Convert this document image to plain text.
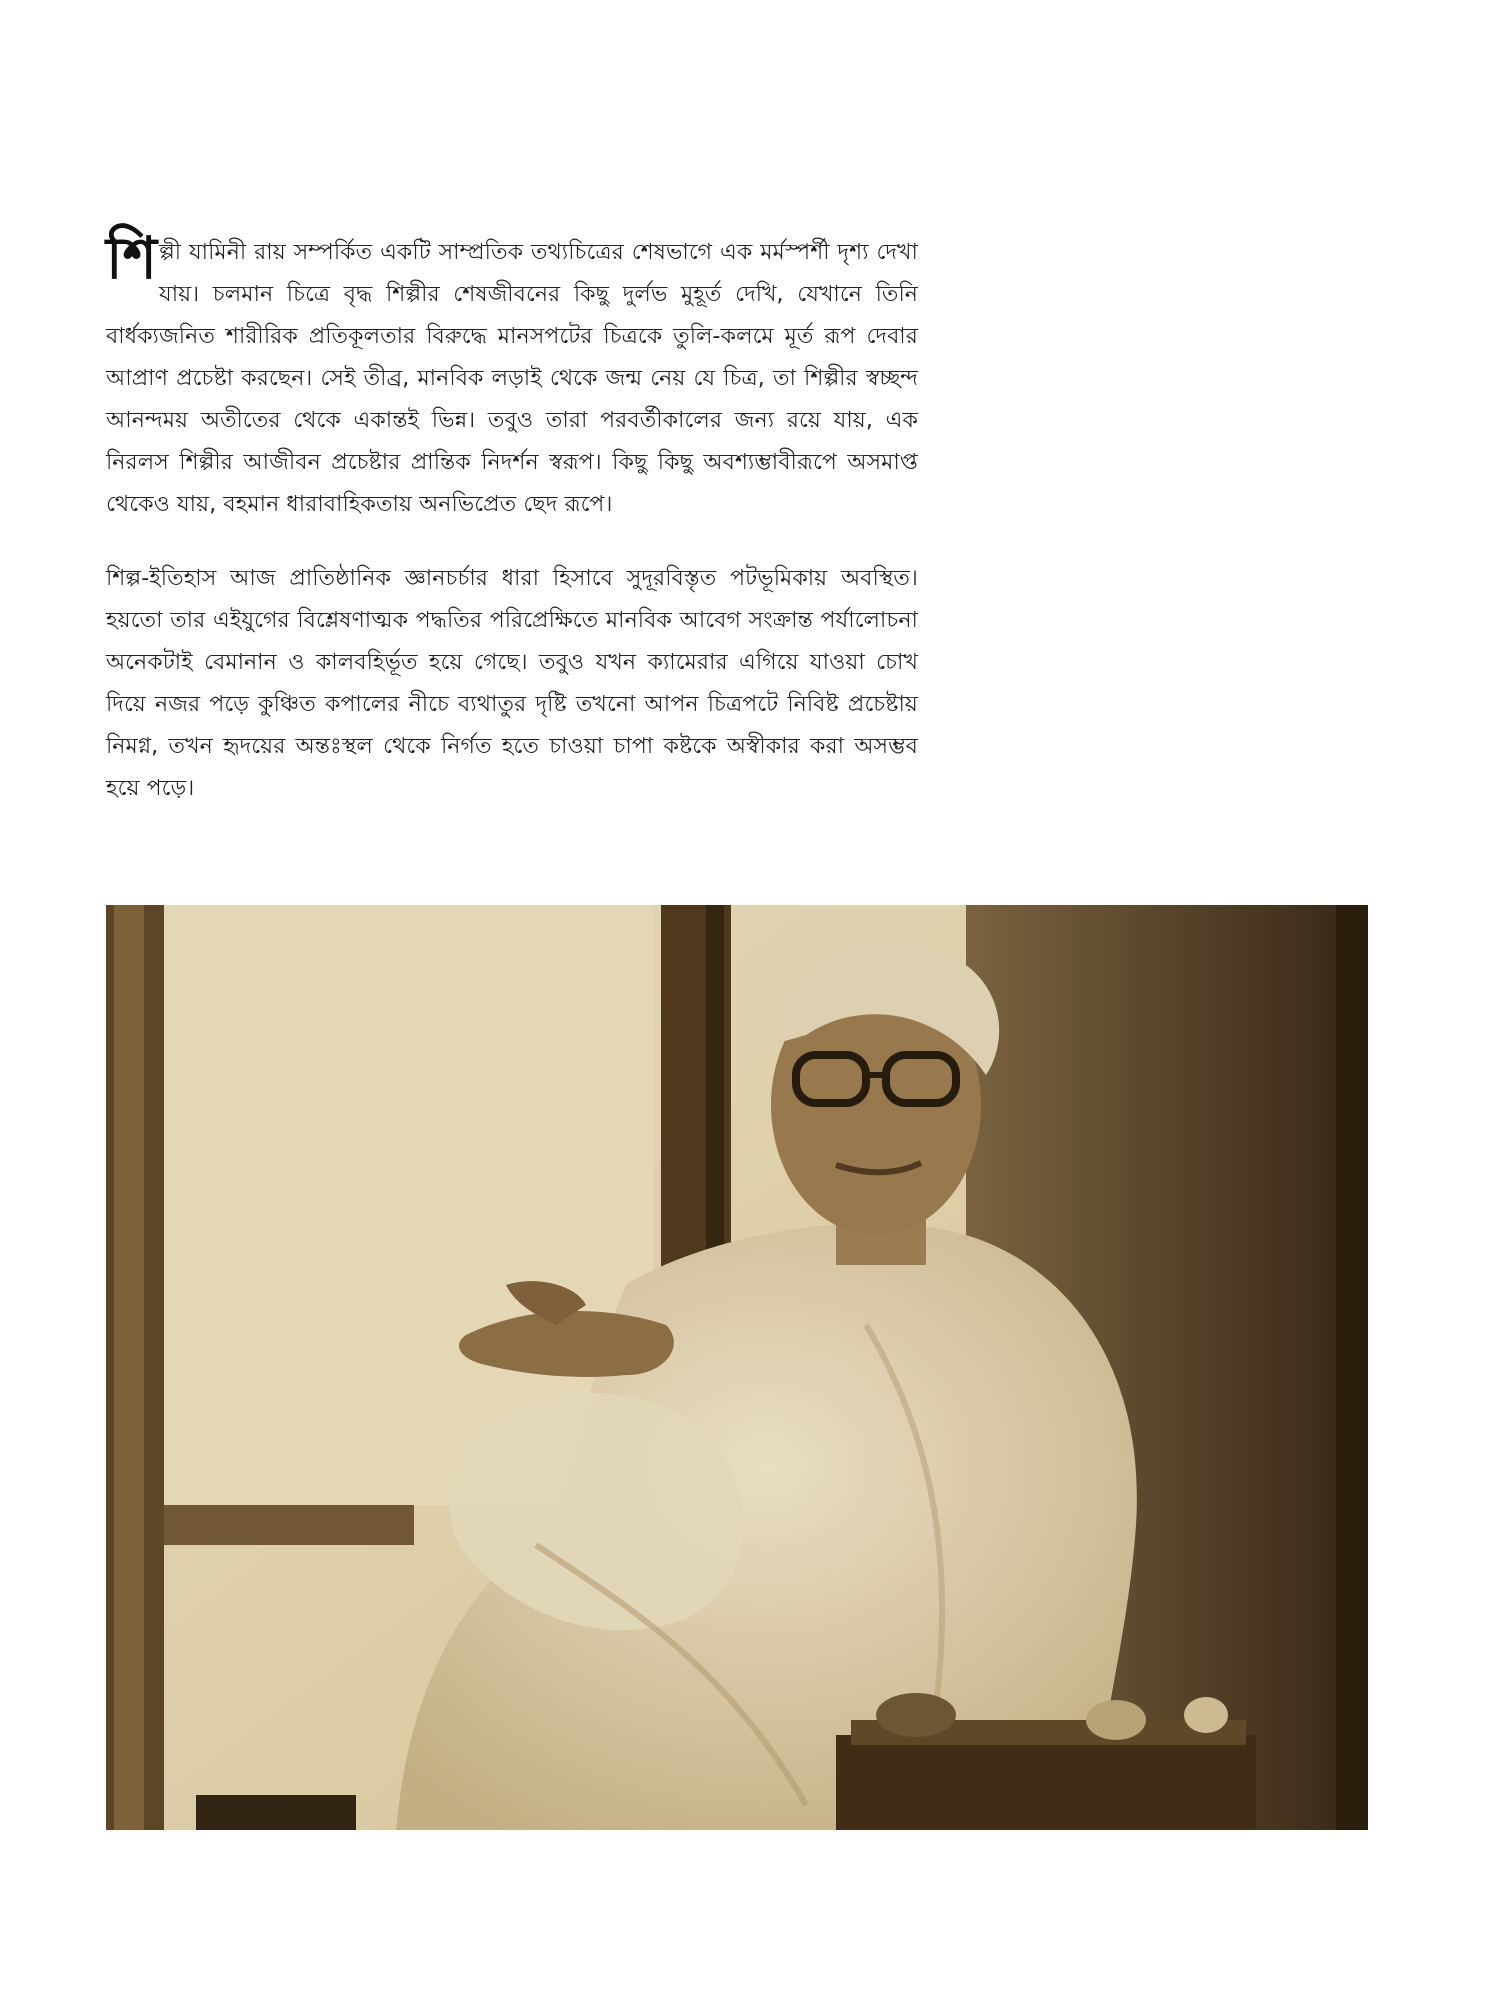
শিল্পী যামিনী রায় সম্পর্কিত একটি সাম্প্রতিক তথ্যচিত্রের শেষভাগে এক মর্মস্পর্শী দৃশ্য দেখা যায়। চলমান চিত্রে বৃদ্ধ শিল্পীর শেষজীবনের কিছু দুর্লভ মুহূর্ত দেখি, যেখানে তিনি বার্ধক্যজনিত শারীরিক প্রতিকূলতার বিরুদ্ধে মানসপটের চিত্রকে তুলি-কলমে মূর্ত রূপ দেবার আপ্রাণ প্রচেষ্টা করছেন। সেই তীব্র, মানবিক লড়াই থেকে জন্ম নেয় যে চিত্র, তা শিল্পীর স্বচ্ছন্দ আনন্দময় অতীতের থেকে একান্তই ভিন্ন। তবুও তারা পরবর্তীকালের জন্য রয়ে যায়, এক নিরলস শিল্পীর আজীবন প্রচেষ্টার প্রান্তিক নিদর্শন স্বরূপ। কিছু কিছু অবশ্যম্ভাবীরূপে অসমাপ্ত থেকেও যায়, বহমান ধারাবাহিকতায় অনভিপ্রেত ছেদ রূপে।

শিল্প-ইতিহাস আজ প্রাতিষ্ঠানিক জ্ঞানচর্চার ধারা হিসাবে সুদূরবিস্তৃত পটভূমিকায় অবস্থিত। হয়তো তার এইযুগের বিশ্লেষণাত্মক পদ্ধতির পরিপ্রেক্ষিতে মানবিক আবেগ সংক্রান্ত পর্যালোচনা অনেকটাই বেমানান ও কালবহির্ভূত হয়ে গেছে। তবুও যখন ক্যামেরার এগিয়ে যাওয়া চোখ দিয়ে নজর পড়ে কুঞ্চিত কপালের নীচে ব্যথাতুর দৃষ্টি তখনো আপন চিত্রপটে নিবিষ্ট প্রচেষ্টায় নিমগ্ন, তখন হৃদয়ের অন্তঃস্থল থেকে নির্গত হতে চাওয়া চাপা কষ্টকে অস্বীকার করা অসম্ভব হয়ে পড়ে।
